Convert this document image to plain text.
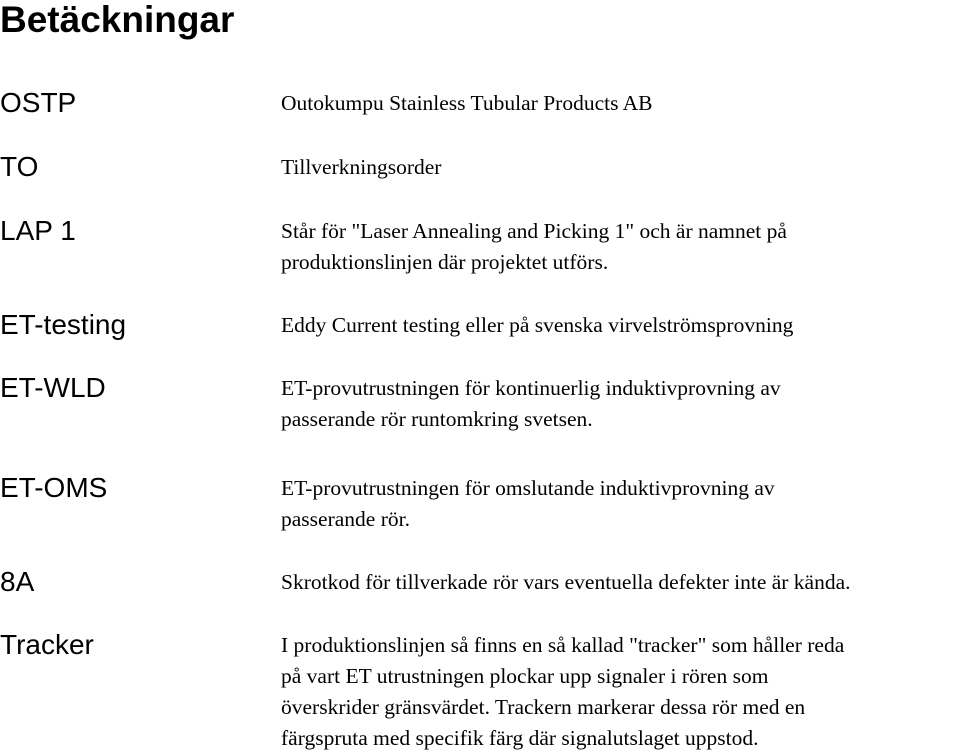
Betäckningar
OSTP	Outokumpu Stainless Tubular Products AB
TO	Tillverkningsorder
LAP 1	Står för "Laser Annealing and Picking 1" och är namnet på
produktionslinjen där projektet utförs.
ET-testing	Eddy Current testing eller på svenska virvelströmsprovning
ET-WLD	ET-provutrustningen för kontinuerlig induktivprovning av
passerande rör runtomkring svetsen.
ET-OMS	ET-provutrustningen för omslutande induktivprovning av
passerande rör.
8A	Skrotkod för tillverkade rör vars eventuella defekter inte är kända.
Tracker	I produktionslinjen så finns en så kallad "tracker" som håller reda
på vart ET utrustningen plockar upp signaler i rören som
överskrider gränsvärdet. Trackern markerar dessa rör med en
färgspruta med specifik färg där signalutslaget uppstod.
